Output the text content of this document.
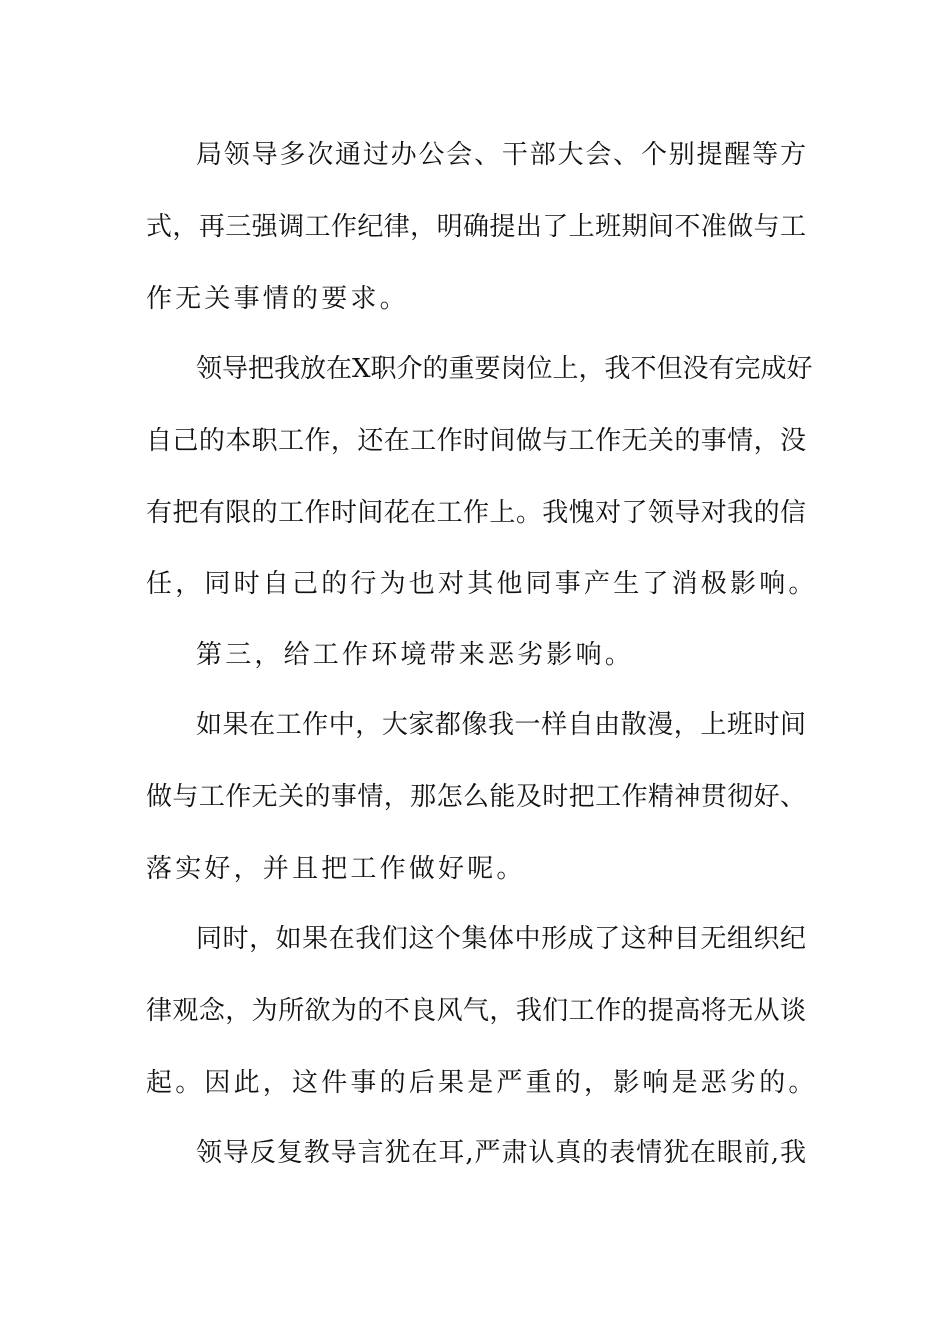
局领导多次通过办公会、干部大会、个别提醒等方
式，再三强调工作纪律，明确提出了上班期间不准做与工
作无关事情的要求。
领导把我放在X职介的重要岗位上，我不但没有完成好
自己的本职工作，还在工作时间做与工作无关的事情，没
有把有限的工作时间花在工作上。我愧对了领导对我的信
任，同时自己的行为也对其他同事产生了消极影响。
第三，给工作环境带来恶劣影响。
如果在工作中，大家都像我一样自由散漫，上班时间
做与工作无关的事情，那怎么能及时把工作精神贯彻好、
落实好，并且把工作做好呢。
同时，如果在我们这个集体中形成了这种目无组织纪
律观念，为所欲为的不良风气，我们工作的提高将无从谈
起。因此，这件事的后果是严重的，影响是恶劣的。
领导反复教导言犹在耳,严肃认真的表情犹在眼前,我
